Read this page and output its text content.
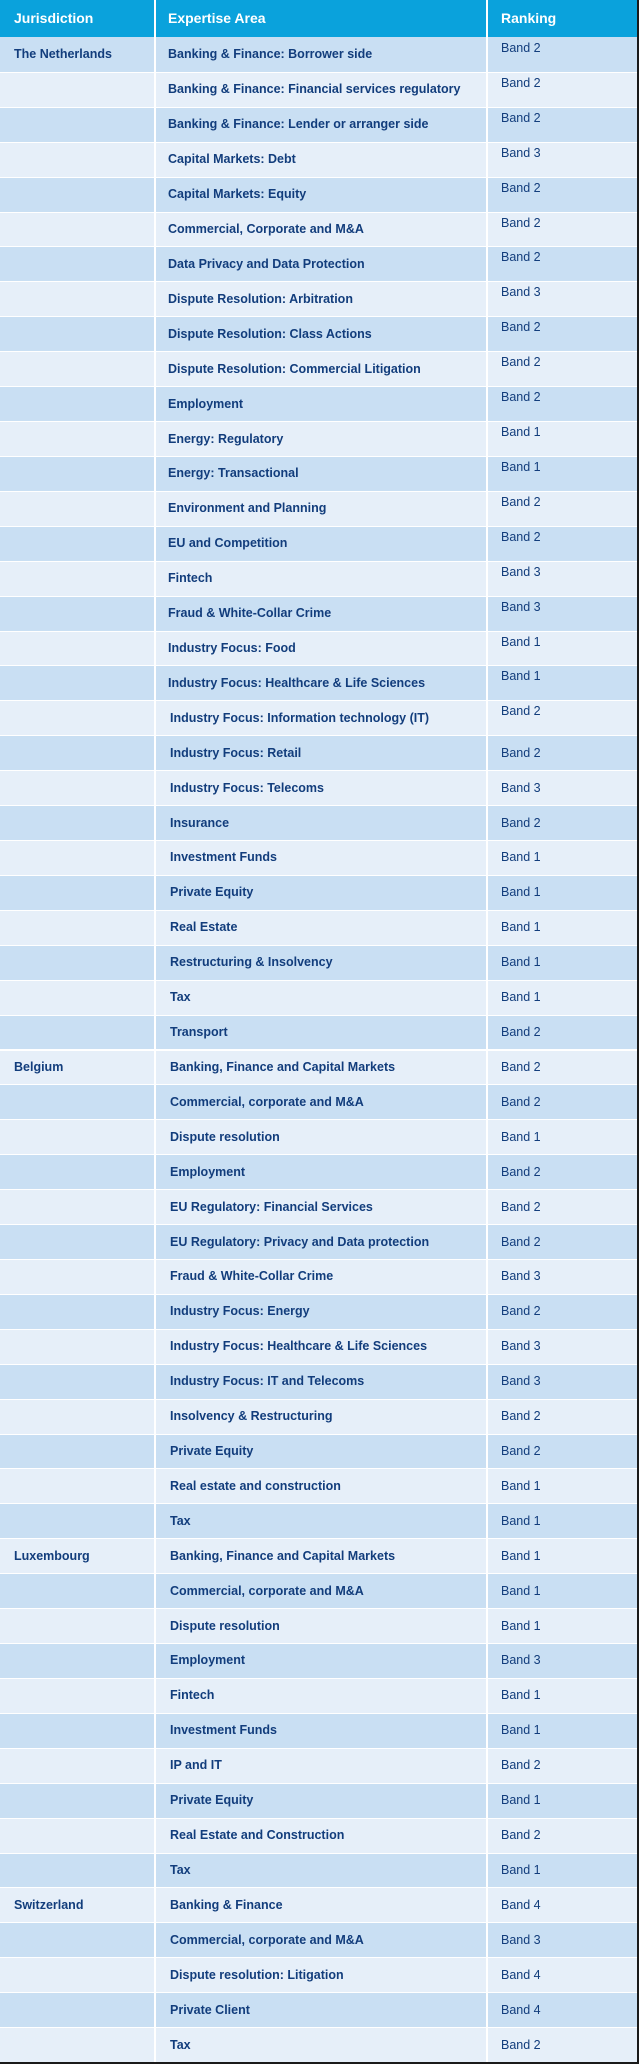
Jurisdiction	Expertise Area	Ranking
The Netherlands	Banking & Finance: Borrower side	Band 2
Banking & Finance: Financial services regulatory	Band 2
Banking & Finance: Lender or arranger side	Band 2
Capital Markets: Debt	Band 3
Capital Markets: Equity	Band 2
Commercial, Corporate and M&A	Band 2
Data Privacy and Data Protection	Band 2
Dispute Resolution: Arbitration	Band 3
Dispute Resolution: Class Actions	Band 2
Dispute Resolution: Commercial Litigation	Band 2
Employment	Band 2
Energy: Regulatory	Band 1
Energy: Transactional	Band 1
Environment and Planning	Band 2
EU and Competition	Band 2
Fintech	Band 3
Fraud & White-Collar Crime	Band 3
Industry Focus: Food	Band 1
Industry Focus: Healthcare & Life Sciences	Band 1
Industry Focus: Information technology (IT)	Band 2
Industry Focus: Retail	Band 2
Industry Focus: Telecoms	Band 3
Insurance	Band 2
Investment Funds	Band 1
Private Equity	Band 1
Real Estate	Band 1
Restructuring & Insolvency	Band 1
Tax	Band 1
Transport	Band 2
Belgium	Banking, Finance and Capital Markets	Band 2
Commercial, corporate and M&A	Band 2
Dispute resolution	Band 1
Employment	Band 2
EU Regulatory: Financial Services	Band 2
EU Regulatory: Privacy and Data protection	Band 2
Fraud & White-Collar Crime	Band 3
Industry Focus: Energy	Band 2
Industry Focus: Healthcare & Life Sciences	Band 3
Industry Focus: IT and Telecoms	Band 3
Insolvency & Restructuring	Band 2
Private Equity	Band 2
Real estate and construction	Band 1
Tax	Band 1
Luxembourg	Banking, Finance and Capital Markets	Band 1
Commercial, corporate and M&A	Band 1
Dispute resolution	Band 1
Employment	Band 3
Fintech	Band 1
Investment Funds	Band 1
IP and IT	Band 2
Private Equity	Band 1
Real Estate and Construction	Band 2
Tax	Band 1
Switzerland	Banking & Finance	Band 4
Commercial, corporate and M&A	Band 3
Dispute resolution: Litigation	Band 4
Private Client	Band 4
Tax	Band 2
